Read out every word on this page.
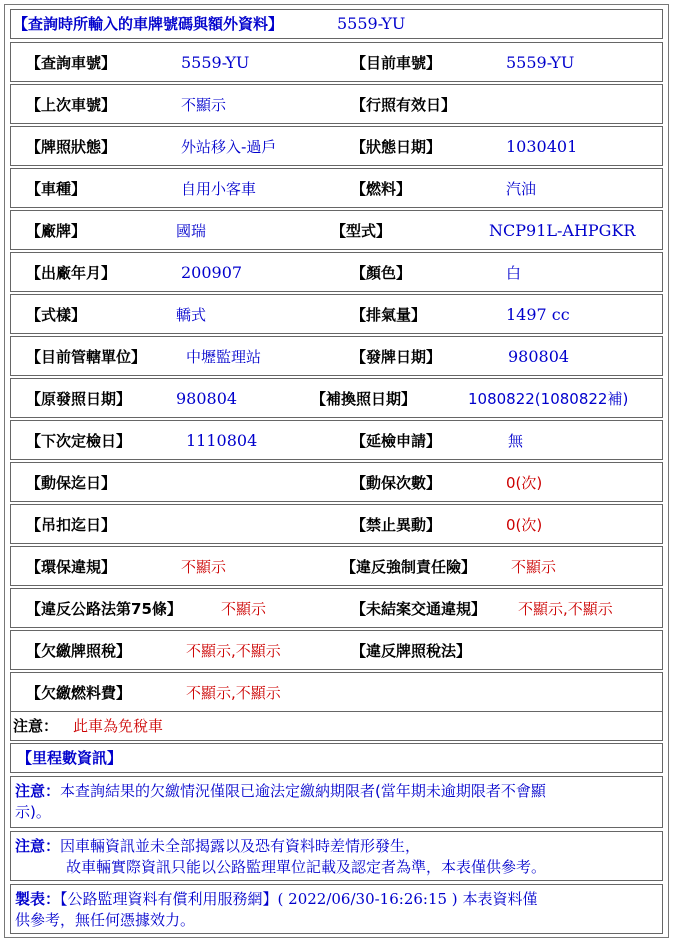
【查詢時所輸入的車牌號碼與額外資料】	5559-YU
【查詢車號】	5559-YU	【目前車號】	5559-YU
【上次車號】	不顯示	【行照有效日】
【牌照狀態】	外站移入-過戶	【狀態日期】	1030401
【車種】	自用小客車	【燃料】	汽油
【廠牌】	國瑞	【型式】	NCP91L-AHPGKR
【出廠年月】	200907	【顏色】	白
【式樣】	轎式	【排氣量】	1497 cc
【目前管轄單位】	中壢監理站	【發牌日期】	980804
【原發照日期】	980804	【補換照日期】	1080822(1080822補)
【下次定檢日】	1110804	【延檢申請】	無
【動保迄日】	【動保次數】	0(次)
【吊扣迄日】	【禁止異動】	0(次)
【環保違規】	不顯示	【違反強制責任險】 不顯示
【違反公路法第75條】	不顯示	【未結案交通違規】 不顯示,不顯示
【欠繳牌照稅】	不顯示,不顯示	【違反牌照稅法】
【欠繳燃料費】	不顯示,不顯示
注意： 此車為免稅車
【里程數資訊】
注意：本查詢結果的欠繳情況僅限已逾法定繳納期限者(當年期未逾期限者不會顯
示)。
注意：因車輛資訊並未全部揭露以及恐有資料時差情形發生，
故車輛實際資訊只能以公路監理單位記載及認定者為準，本表僅供參考。
製表：【公路監理資料有償利用服務網】( 2022/06/30-16:26:15 ) 本表資料僅
供參考，無任何憑據效力。
